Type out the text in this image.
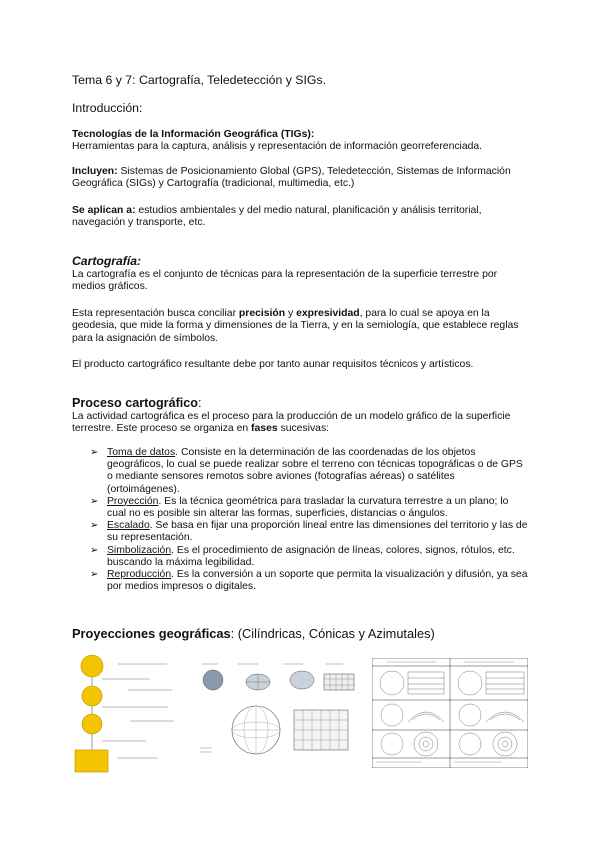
Tema 6 y 7: Cartografía, Teledetección y SIGs.
Introducción:
Tecnologías de la Información Geográfica (TIGs):
Herramientas para la captura, análisis y representación de información georreferenciada.
Incluyen: Sistemas de Posicionamiento Global (GPS), Teledetección, Sistemas de Información Geográfica (SIGs) y Cartografía (tradicional, multimedia, etc.)
Se aplican a: estudios ambientales y del medio natural, planificación y análisis territorial, navegación y transporte, etc.
Cartografía:
La cartografía es el conjunto de técnicas para la representación de la superficie terrestre por medios gráficos.
Esta representación busca conciliar precisión y expresividad, para lo cual se apoya en la geodesia, que mide la forma y dimensiones de la Tierra, y en la semiología, que establece reglas para la asignación de símbolos.
El producto cartográfico resultante debe por tanto aunar requisitos técnicos y artísticos.
Proceso cartográfico:
La actividad cartográfica es el proceso para la producción de un modelo gráfico de la superficie terrestre. Este proceso se organiza en fases sucesivas:
➢ Toma de datos. Consiste en la determinación de las coordenadas de los objetos geográficos, lo cual se puede realizar sobre el terreno con técnicas topográficas o de GPS o mediante sensores remotos sobre aviones (fotografías aéreas) o satélites (ortoimágenes).
➢ Proyección. Es la técnica geométrica para trasladar la curvatura terrestre a un plano; lo cual no es posible sin alterar las formas, superficies, distancias o ángulos.
➢ Escalado. Se basa en fijar una proporción lineal entre las dimensiones del territorio y las de su representación.
➢ Simbolización. Es el procedimiento de asignación de líneas, colores, signos, rótulos, etc. buscando la máxima legibilidad.
➢ Reproducción. Es la conversión a un soporte que permita la visualización y difusión, ya sea por medios impresos o digitales.
Proyecciones geográficas: (Cilíndricas, Cónicas y Azimutales)
